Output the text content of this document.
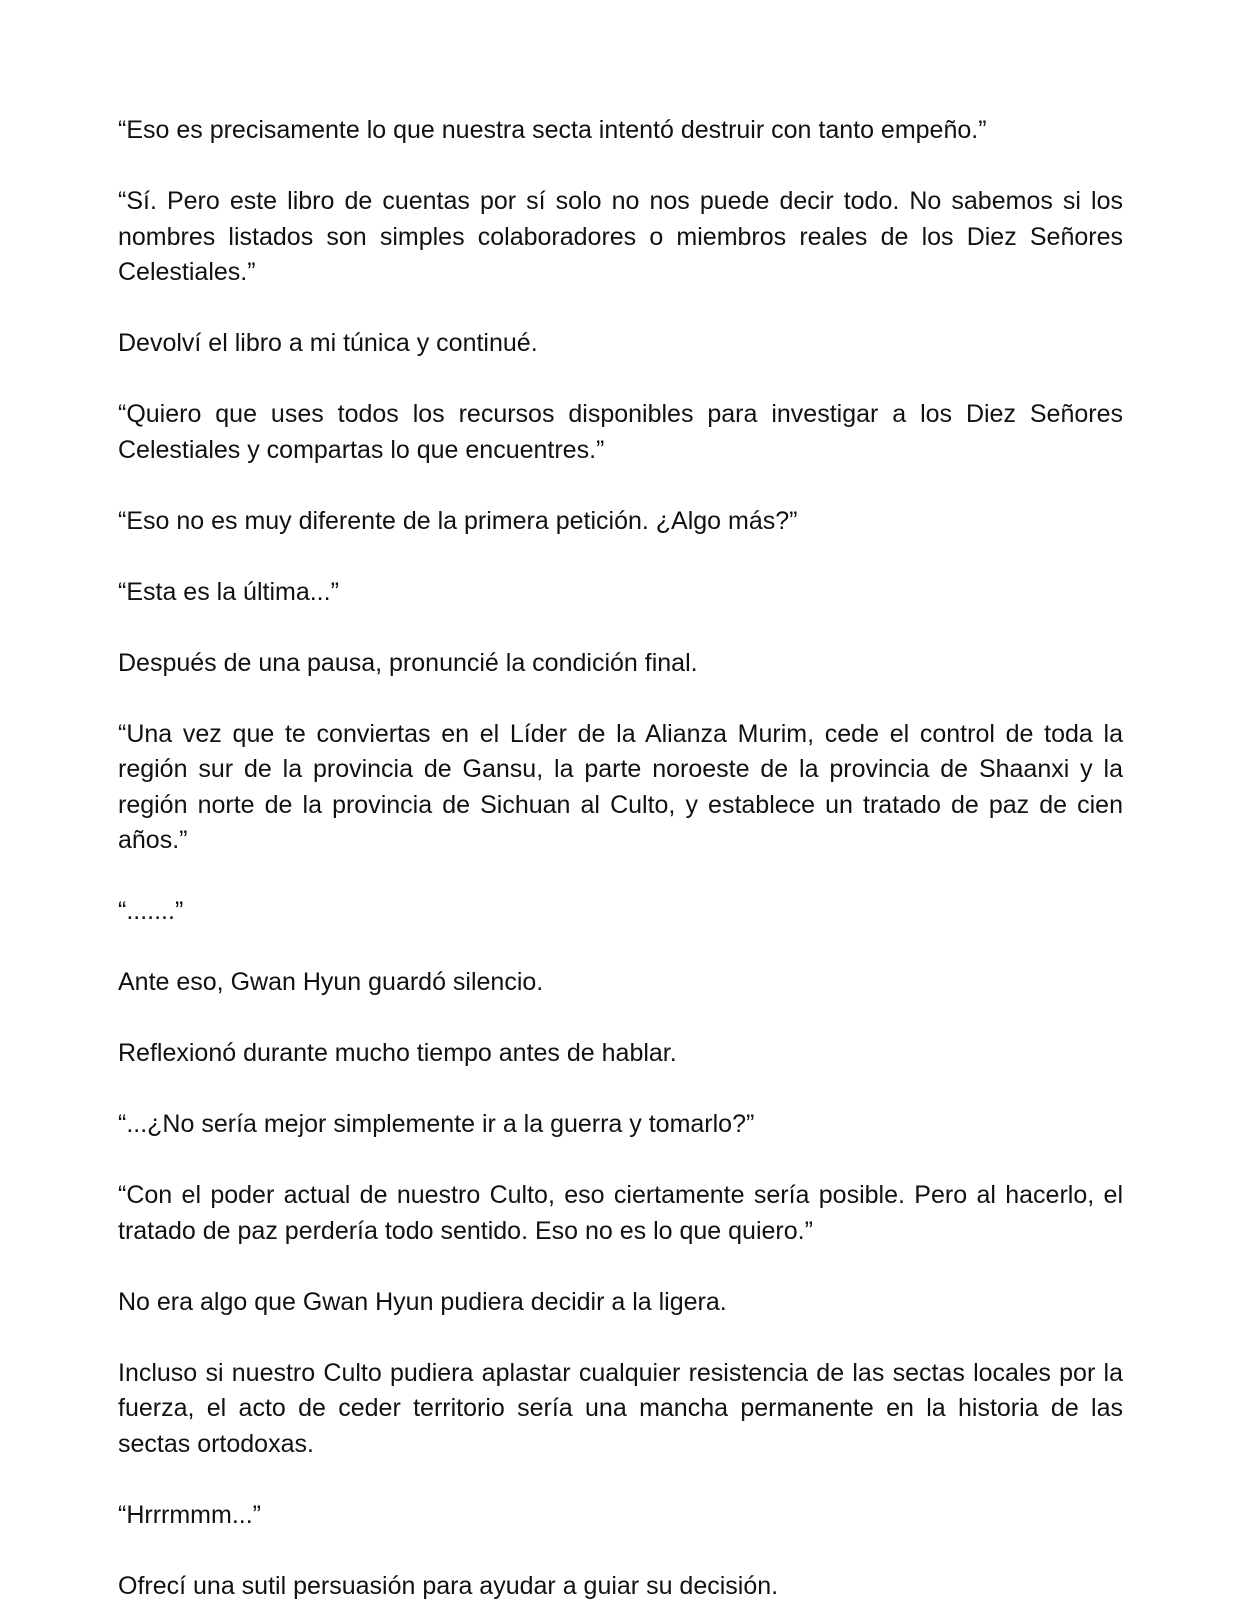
“Eso es precisamente lo que nuestra secta intentó destruir con tanto empeño.”

“Sí. Pero este libro de cuentas por sí solo no nos puede decir todo. No sabemos si los nombres listados son simples colaboradores o miembros reales de los Diez Señores Celestiales.”

Devolví el libro a mi túnica y continué.

“Quiero que uses todos los recursos disponibles para investigar a los Diez Señores Celestiales y compartas lo que encuentres.”

“Eso no es muy diferente de la primera petición. ¿Algo más?”

“Esta es la última...”

Después de una pausa, pronuncié la condición final.

“Una vez que te conviertas en el Líder de la Alianza Murim, cede el control de toda la región sur de la provincia de Gansu, la parte noroeste de la provincia de Shaanxi y la región norte de la provincia de Sichuan al Culto, y establece un tratado de paz de cien años.”

“.......”

Ante eso, Gwan Hyun guardó silencio.

Reflexionó durante mucho tiempo antes de hablar.

“...¿No sería mejor simplemente ir a la guerra y tomarlo?”

“Con el poder actual de nuestro Culto, eso ciertamente sería posible. Pero al hacerlo, el tratado de paz perdería todo sentido. Eso no es lo que quiero.”

No era algo que Gwan Hyun pudiera decidir a la ligera.

Incluso si nuestro Culto pudiera aplastar cualquier resistencia de las sectas locales por la fuerza, el acto de ceder territorio sería una mancha permanente en la historia de las sectas ortodoxas.

“Hrrrmmm...”

Ofrecí una sutil persuasión para ayudar a guiar su decisión.
